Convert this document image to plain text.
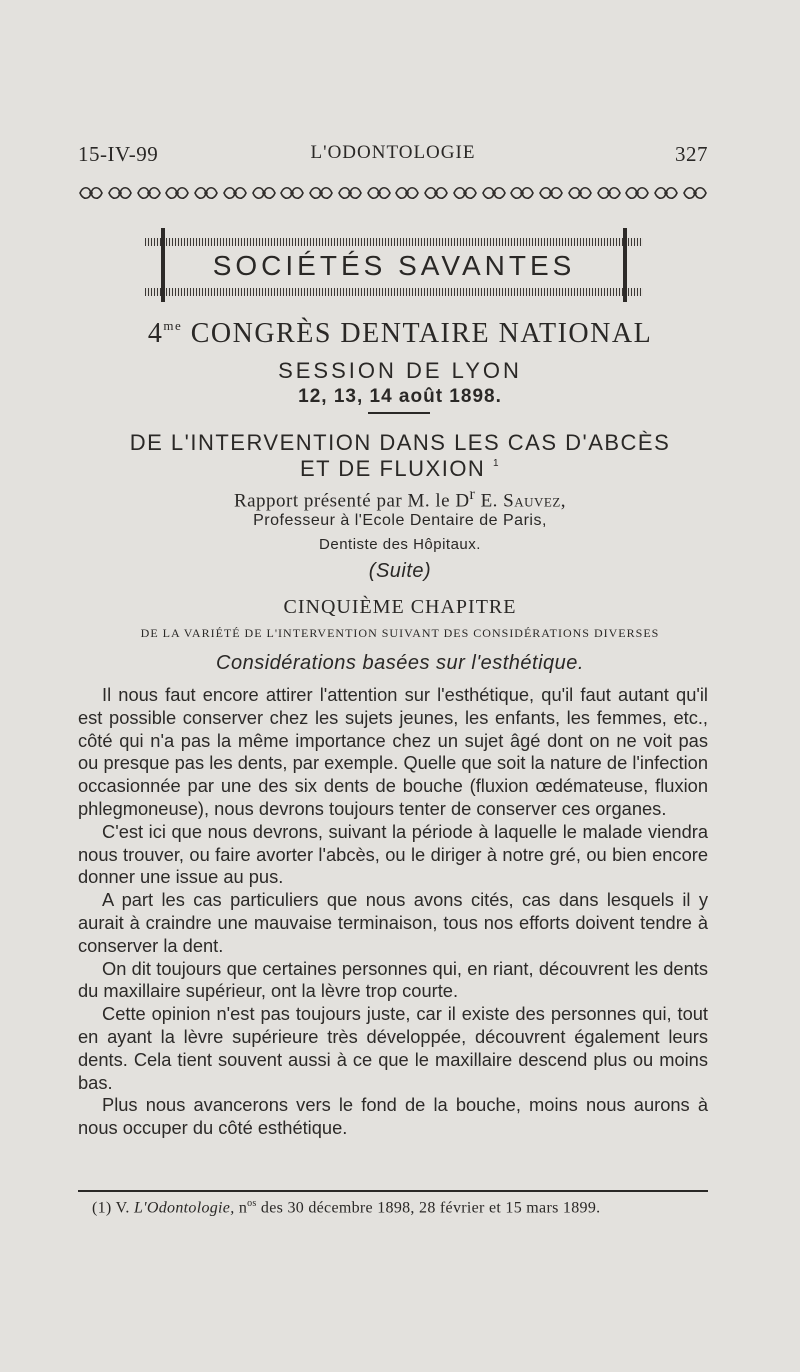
15-IV-99	L'ODONTOLOGIE	327
SOCIÉTÉS SAVANTES
$4^{me}$ CONGRÈS DENTAIRE NATIONAL
SESSION DE LYON
12, 13, 14 août 1898.
DE L'INTERVENTION DANS LES CAS D'ABCÈS
ET DE FLUXION $^1$
Rapport présenté par M. le $D^r$ E. Sauvez,
Professeur à l'Ecole Dentaire de Paris,
Dentiste des Hôpitaux.
(Suite)
CINQUIÈME CHAPITRE
DE LA VARIÉTÉ DE L'INTERVENTION SUIVANT DES CONSIDÉRATIONS DIVERSES
Considérations basées sur l'esthétique.

Il nous faut encore attirer l'attention sur l'esthétique, qu'il faut autant qu'il est possible conserver chez les sujets jeunes, les enfants, les femmes, etc., côté qui n'a pas la même importance chez un sujet âgé dont on ne voit pas ou presque pas les dents, par exemple. Quelle que soit la nature de l'infection occasionnée par une des six dents de bouche (fluxion œdémateuse, fluxion phlegmoneuse), nous devrons toujours tenter de conserver ces organes.

C'est ici que nous devrons, suivant la période à laquelle le malade viendra nous trouver, ou faire avorter l'abcès, ou le diriger à notre gré, ou bien encore donner une issue au pus.

A part les cas particuliers que nous avons cités, cas dans lesquels il y aurait à craindre une mauvaise terminaison, tous nos efforts doivent tendre à conserver la dent.

On dit toujours que certaines personnes qui, en riant, découvrent les dents du maxillaire supérieur, ont la lèvre trop courte.

Cette opinion n'est pas toujours juste, car il existe des personnes qui, tout en ayant la lèvre supérieure très développée, découvrent également leurs dents. Cela tient souvent aussi à ce que le maxillaire descend plus ou moins bas.

Plus nous avancerons vers le fond de la bouche, moins nous aurons à nous occuper du côté esthétique.

(1) V. L'Odontologie, $n^{os}$ des 30 décembre 1898, 28 février et 15 mars 1899.
